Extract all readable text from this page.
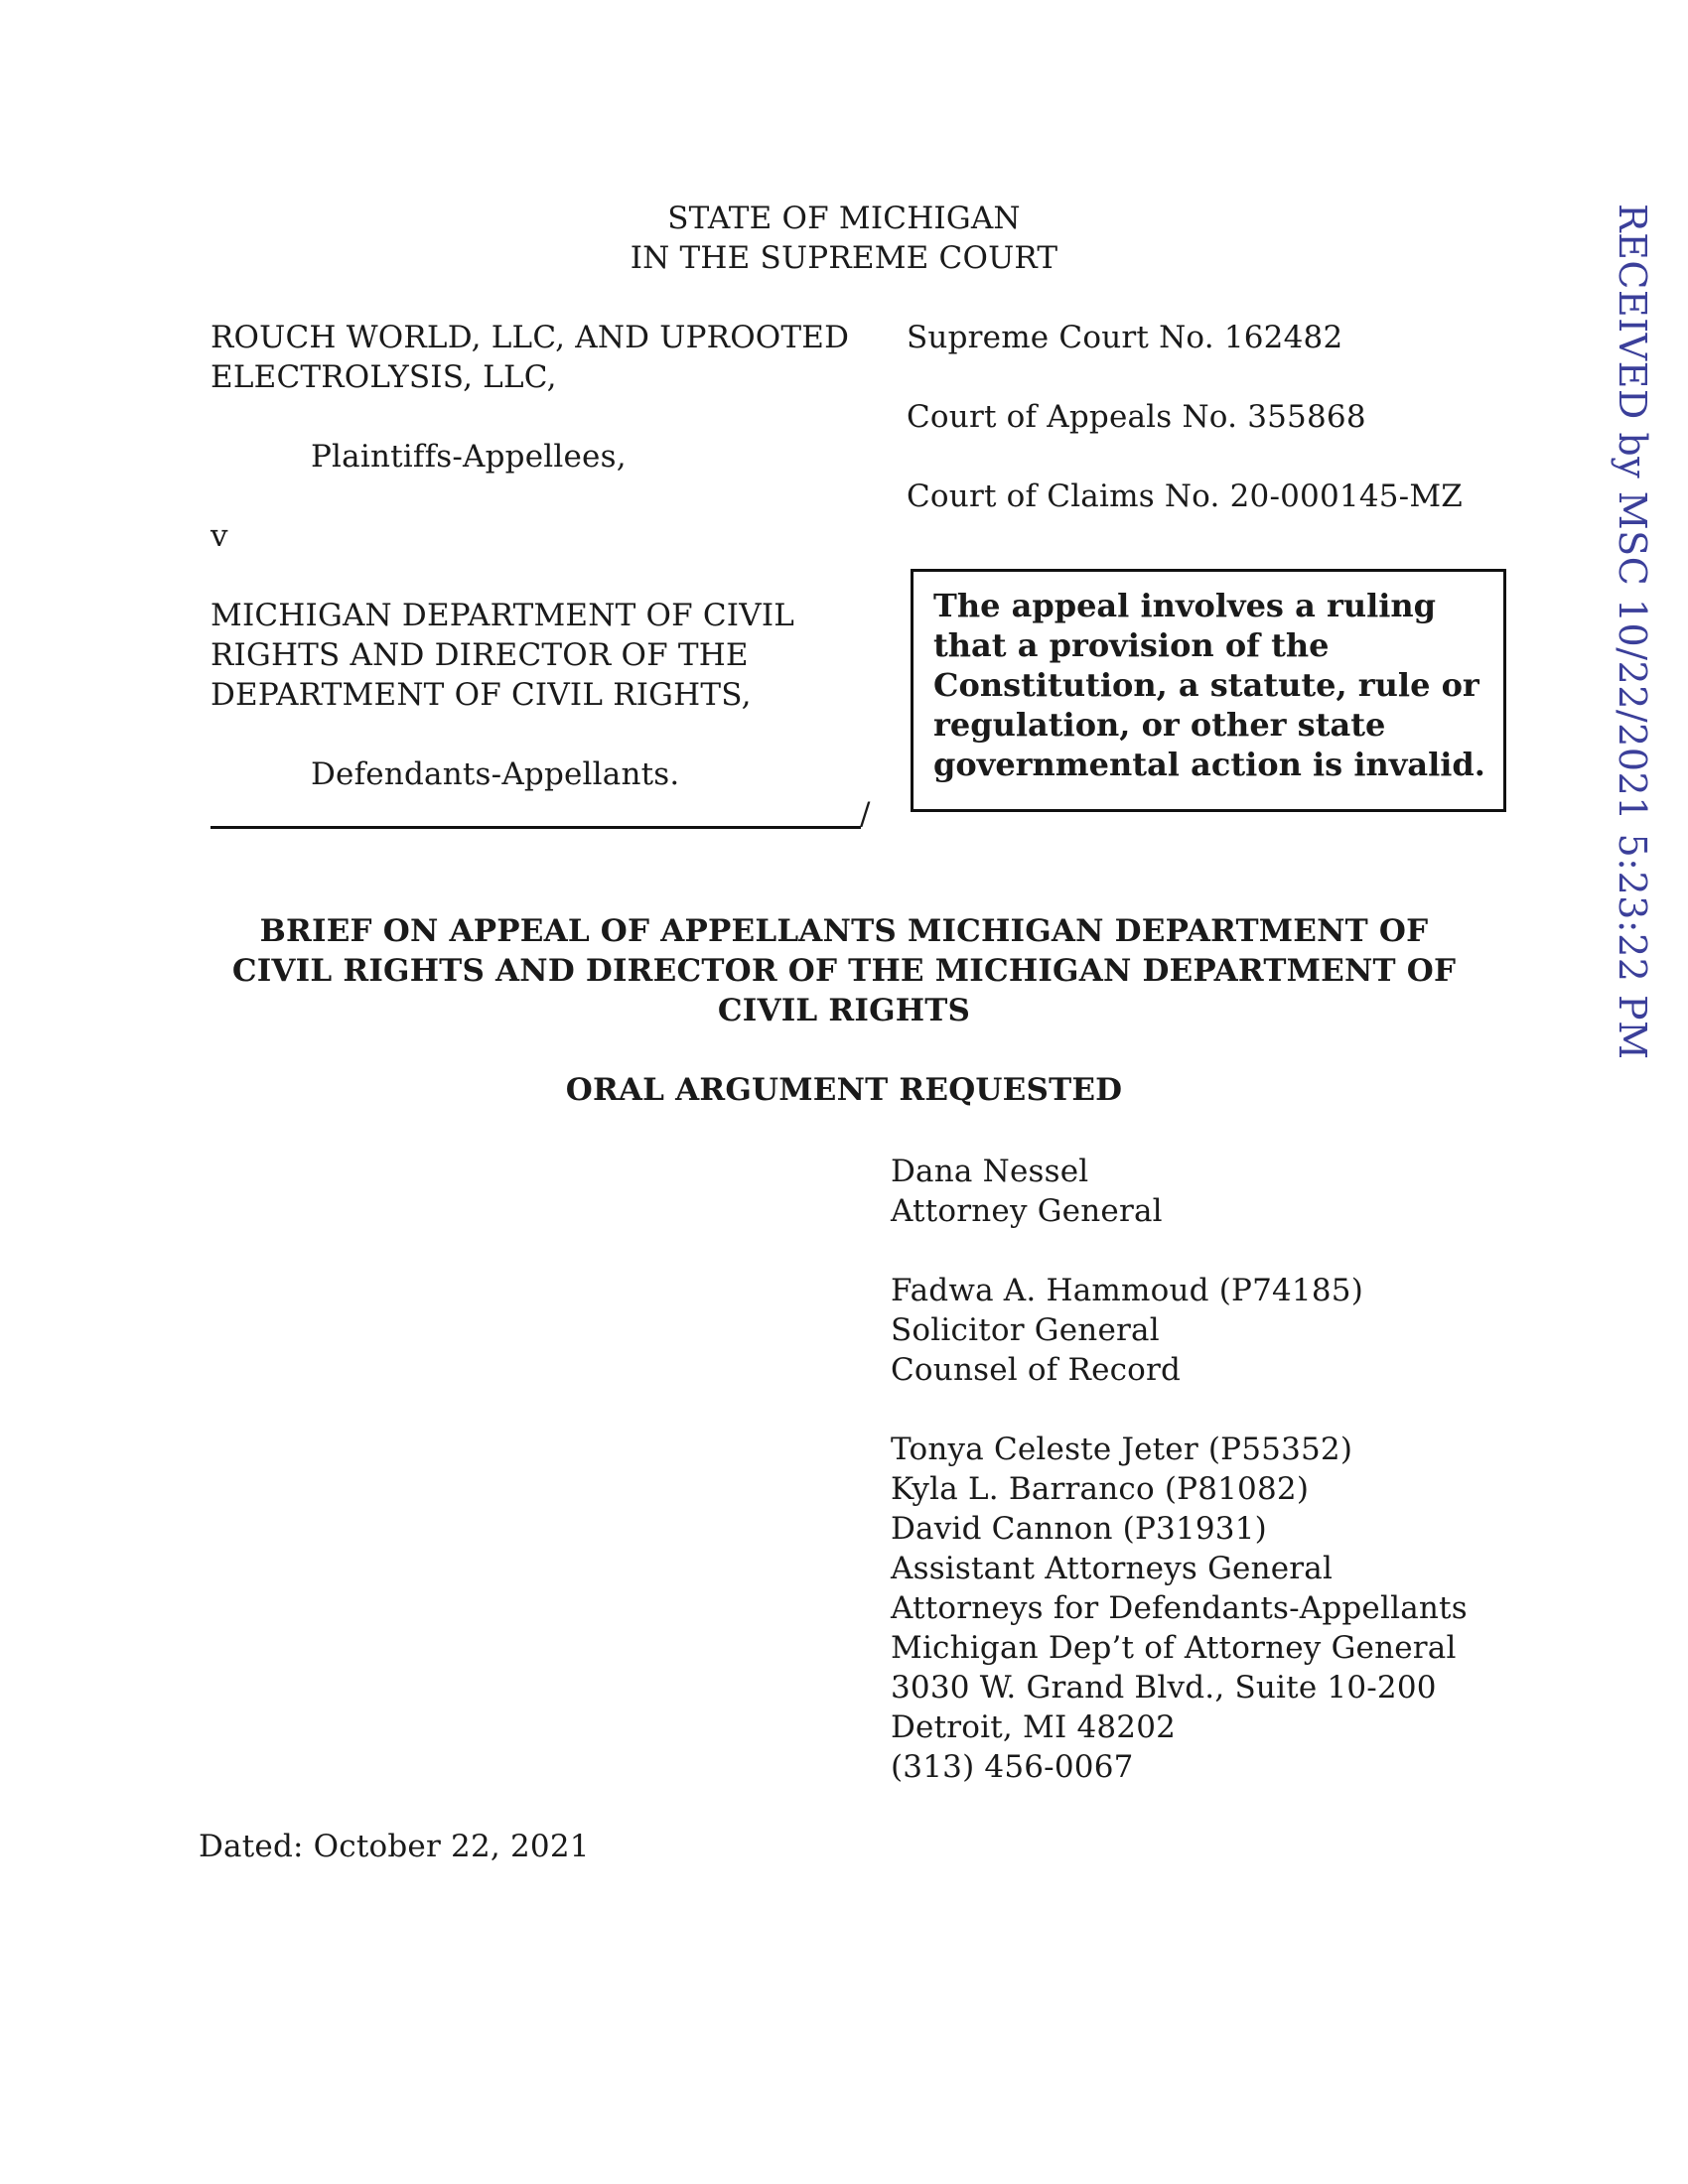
STATE OF MICHIGAN
IN THE SUPREME COURT
ROUCH WORLD, LLC, AND UPROOTED
ELECTROLYSIS, LLC,
Plaintiffs-Appellees,
v
MICHIGAN DEPARTMENT OF CIVIL
RIGHTS AND DIRECTOR OF THE
DEPARTMENT OF CIVIL RIGHTS,
Defendants-Appellants.
/
Supreme Court No. 162482
Court of Appeals No. 355868
Court of Claims No. 20-000145-MZ
The appeal involves a ruling
that a provision of the
Constitution, a statute, rule or
regulation, or other state
governmental action is invalid.
BRIEF ON APPEAL OF APPELLANTS MICHIGAN DEPARTMENT OF
CIVIL RIGHTS AND DIRECTOR OF THE MICHIGAN DEPARTMENT OF
CIVIL RIGHTS
ORAL ARGUMENT REQUESTED
Dana Nessel
Attorney General
Fadwa A. Hammoud (P74185)
Solicitor General
Counsel of Record
Tonya Celeste Jeter (P55352)
Kyla L. Barranco (P81082)
David Cannon (P31931)
Assistant Attorneys General
Attorneys for Defendants-Appellants
Michigan Dep’t of Attorney General
3030 W. Grand Blvd., Suite 10-200
Detroit, MI 48202
(313) 456-0067
Dated: October 22, 2021
RECEIVED by MSC 10/22/2021 5:23:22 PM
